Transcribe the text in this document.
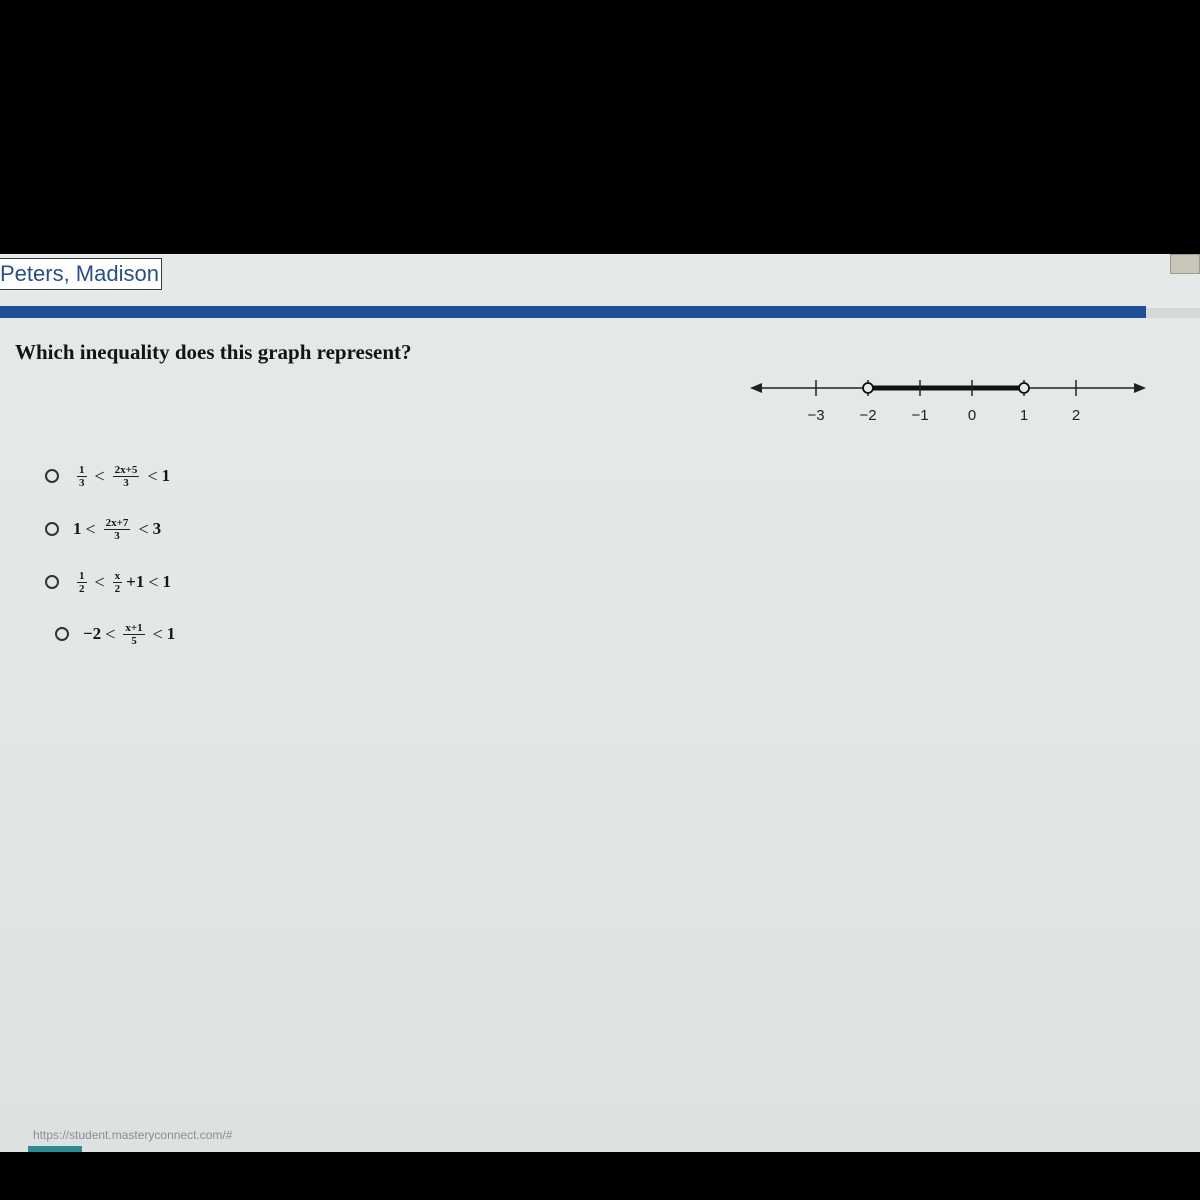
Peters, Madison
Which inequality does this graph represent?
−3 −2 −1	0	1	2
$\frac{1}{3} < \frac{2x+5}{3} < 1$
$1 < \frac{2x+7}{3} < 3$
$\frac{1}{2} < \frac{x}{2} +1 < 1$
$-2 < \frac{x+1}{5} < 1$
https://student.masteryconnect.com/#
